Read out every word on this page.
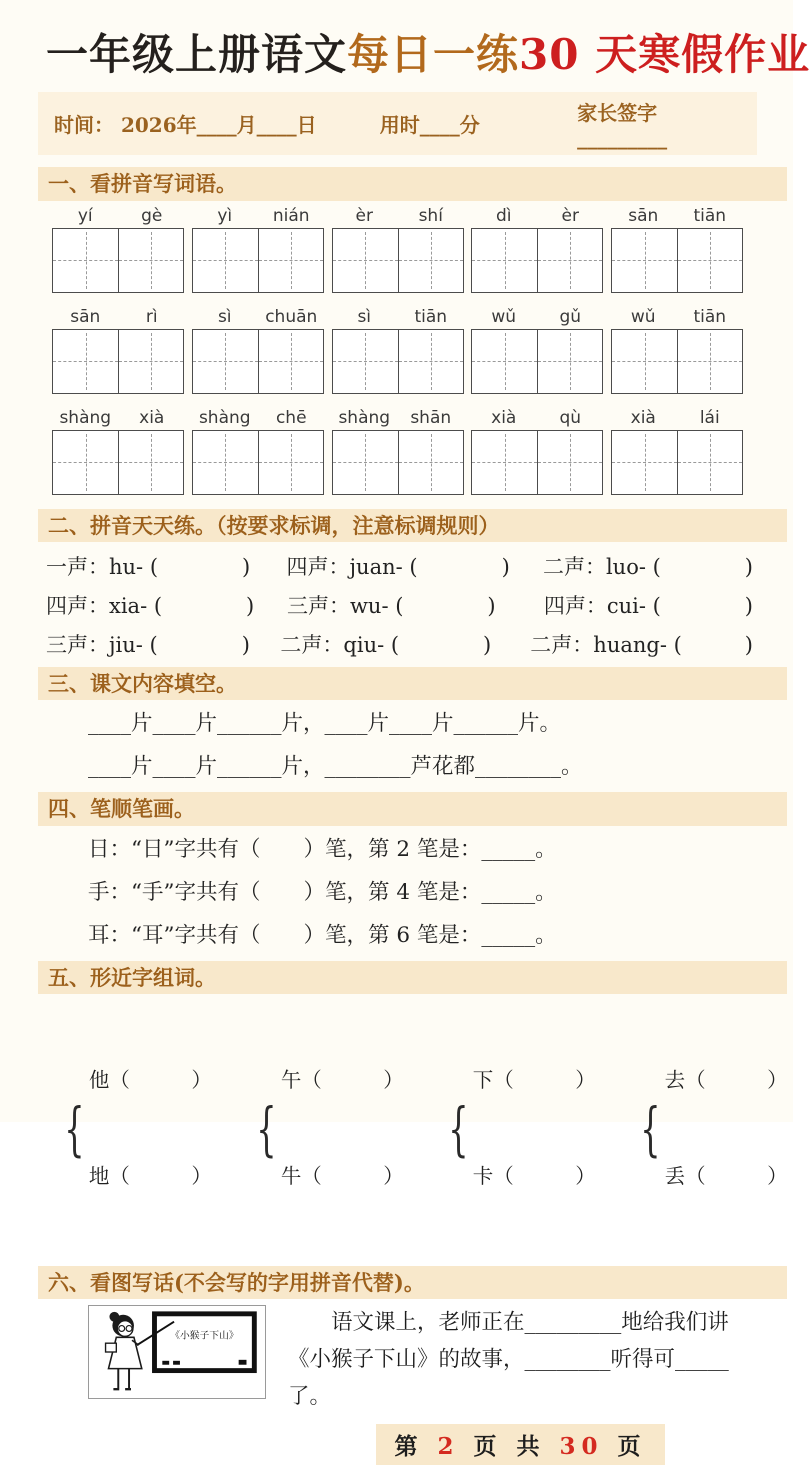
一年级上册语文每日一练30 天寒假作业
时间： 2026年____月____日	用时____分	家长签字_________
一、看拼音写词语。
yí	gè	yì	nián	èr	shí	dì	èr	sān	tiān
sān	rì	sì	chuān	sì	tiān	wǔ	gǔ	wǔ	tiān
shàng	xià	shàng	chē	shàng	shān	xià	qù	xià	lái
二、拼音天天练。（按要求标调，注意标调规则）
一声：hu- (　　　　)	四声：juan- (　　　　)	二声：luo- (　　　　)
四声：xia- (　　　　)	三声：wu- (　　　　)	四声：cui- (　　　　)
三声：jiu- (　　　　)	二声：qiu- (　　　　)	二声：huang- (　　　)
三、课文内容填空。
____片____片______片，____片____片______片。
____片____片______片，________芦花都________。
四、笔顺笔画。
日：“日”字共有（　　）笔，第 2 笔是：_____。
手：“手”字共有（　　）笔，第 4 笔是：_____。
耳：“耳”字共有（　　）笔，第 6 笔是：_____。
五、形近字组词。
{

他（　　　）

地（　　　）

{

午（　　　）

牛（　　　）

{

下（　　　）

卡（　　　）

{

去（　　　）

丢（　　　）

六、看图写话(不会写的字用拼音代替)。
《小猴子下山》
语文课上，老师正在_________地给我们讲《小猴子下山》的故事，________听得可_____了。
第 2 页 共 30 页
